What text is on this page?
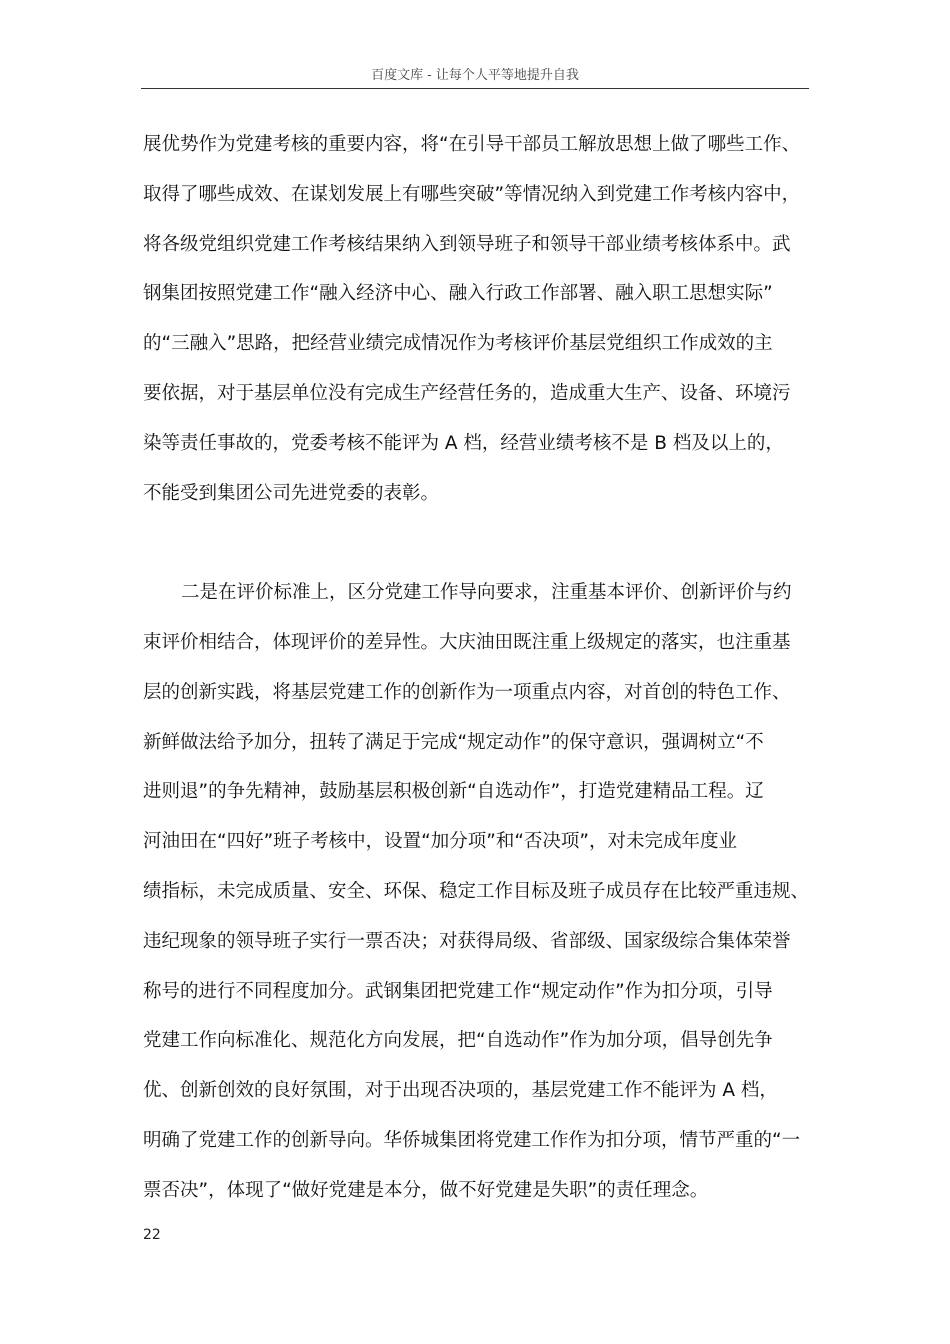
百度文库 - 让每个人平等地提升自我
展优势作为党建考核的重要内容，将“在引导干部员工解放思想上做了哪些工作、
取得了哪些成效、在谋划发展上有哪些突破”等情况纳入到党建工作考核内容中，
将各级党组织党建工作考核结果纳入到领导班子和领导干部业绩考核体系中。武
钢集团按照党建工作“融入经济中心、融入行政工作部署、融入职工思想实际”
的“三融入”思路，把经营业绩完成情况作为考核评价基层党组织工作成效的主
要依据，对于基层单位没有完成生产经营任务的，造成重大生产、设备、环境污
染等责任事故的，党委考核不能评为 A 档，经营业绩考核不是 B 档及以上的，
不能受到集团公司先进党委的表彰。
二是在评价标准上，区分党建工作导向要求，注重基本评价、创新评价与约
束评价相结合，体现评价的差异性。大庆油田既注重上级规定的落实，也注重基
层的创新实践，将基层党建工作的创新作为一项重点内容，对首创的特色工作、
新鲜做法给予加分，扭转了满足于完成“规定动作”的保守意识，强调树立“不
进则退”的争先精神，鼓励基层积极创新“自选动作”，打造党建精品工程。辽
河油田在“四好”班子考核中，设置“加分项”和“否决项”，对未完成年度业
绩指标，未完成质量、安全、环保、稳定工作目标及班子成员存在比较严重违规、
违纪现象的领导班子实行一票否决；对获得局级、省部级、国家级综合集体荣誉
称号的进行不同程度加分。武钢集团把党建工作“规定动作”作为扣分项，引导
党建工作向标准化、规范化方向发展，把“自选动作”作为加分项，倡导创先争
优、创新创效的良好氛围，对于出现否决项的，基层党建工作不能评为 A 档，
明确了党建工作的创新导向。华侨城集团将党建工作作为扣分项，情节严重的“一
票否决”，体现了“做好党建是本分，做不好党建是失职”的责任理念。
22
